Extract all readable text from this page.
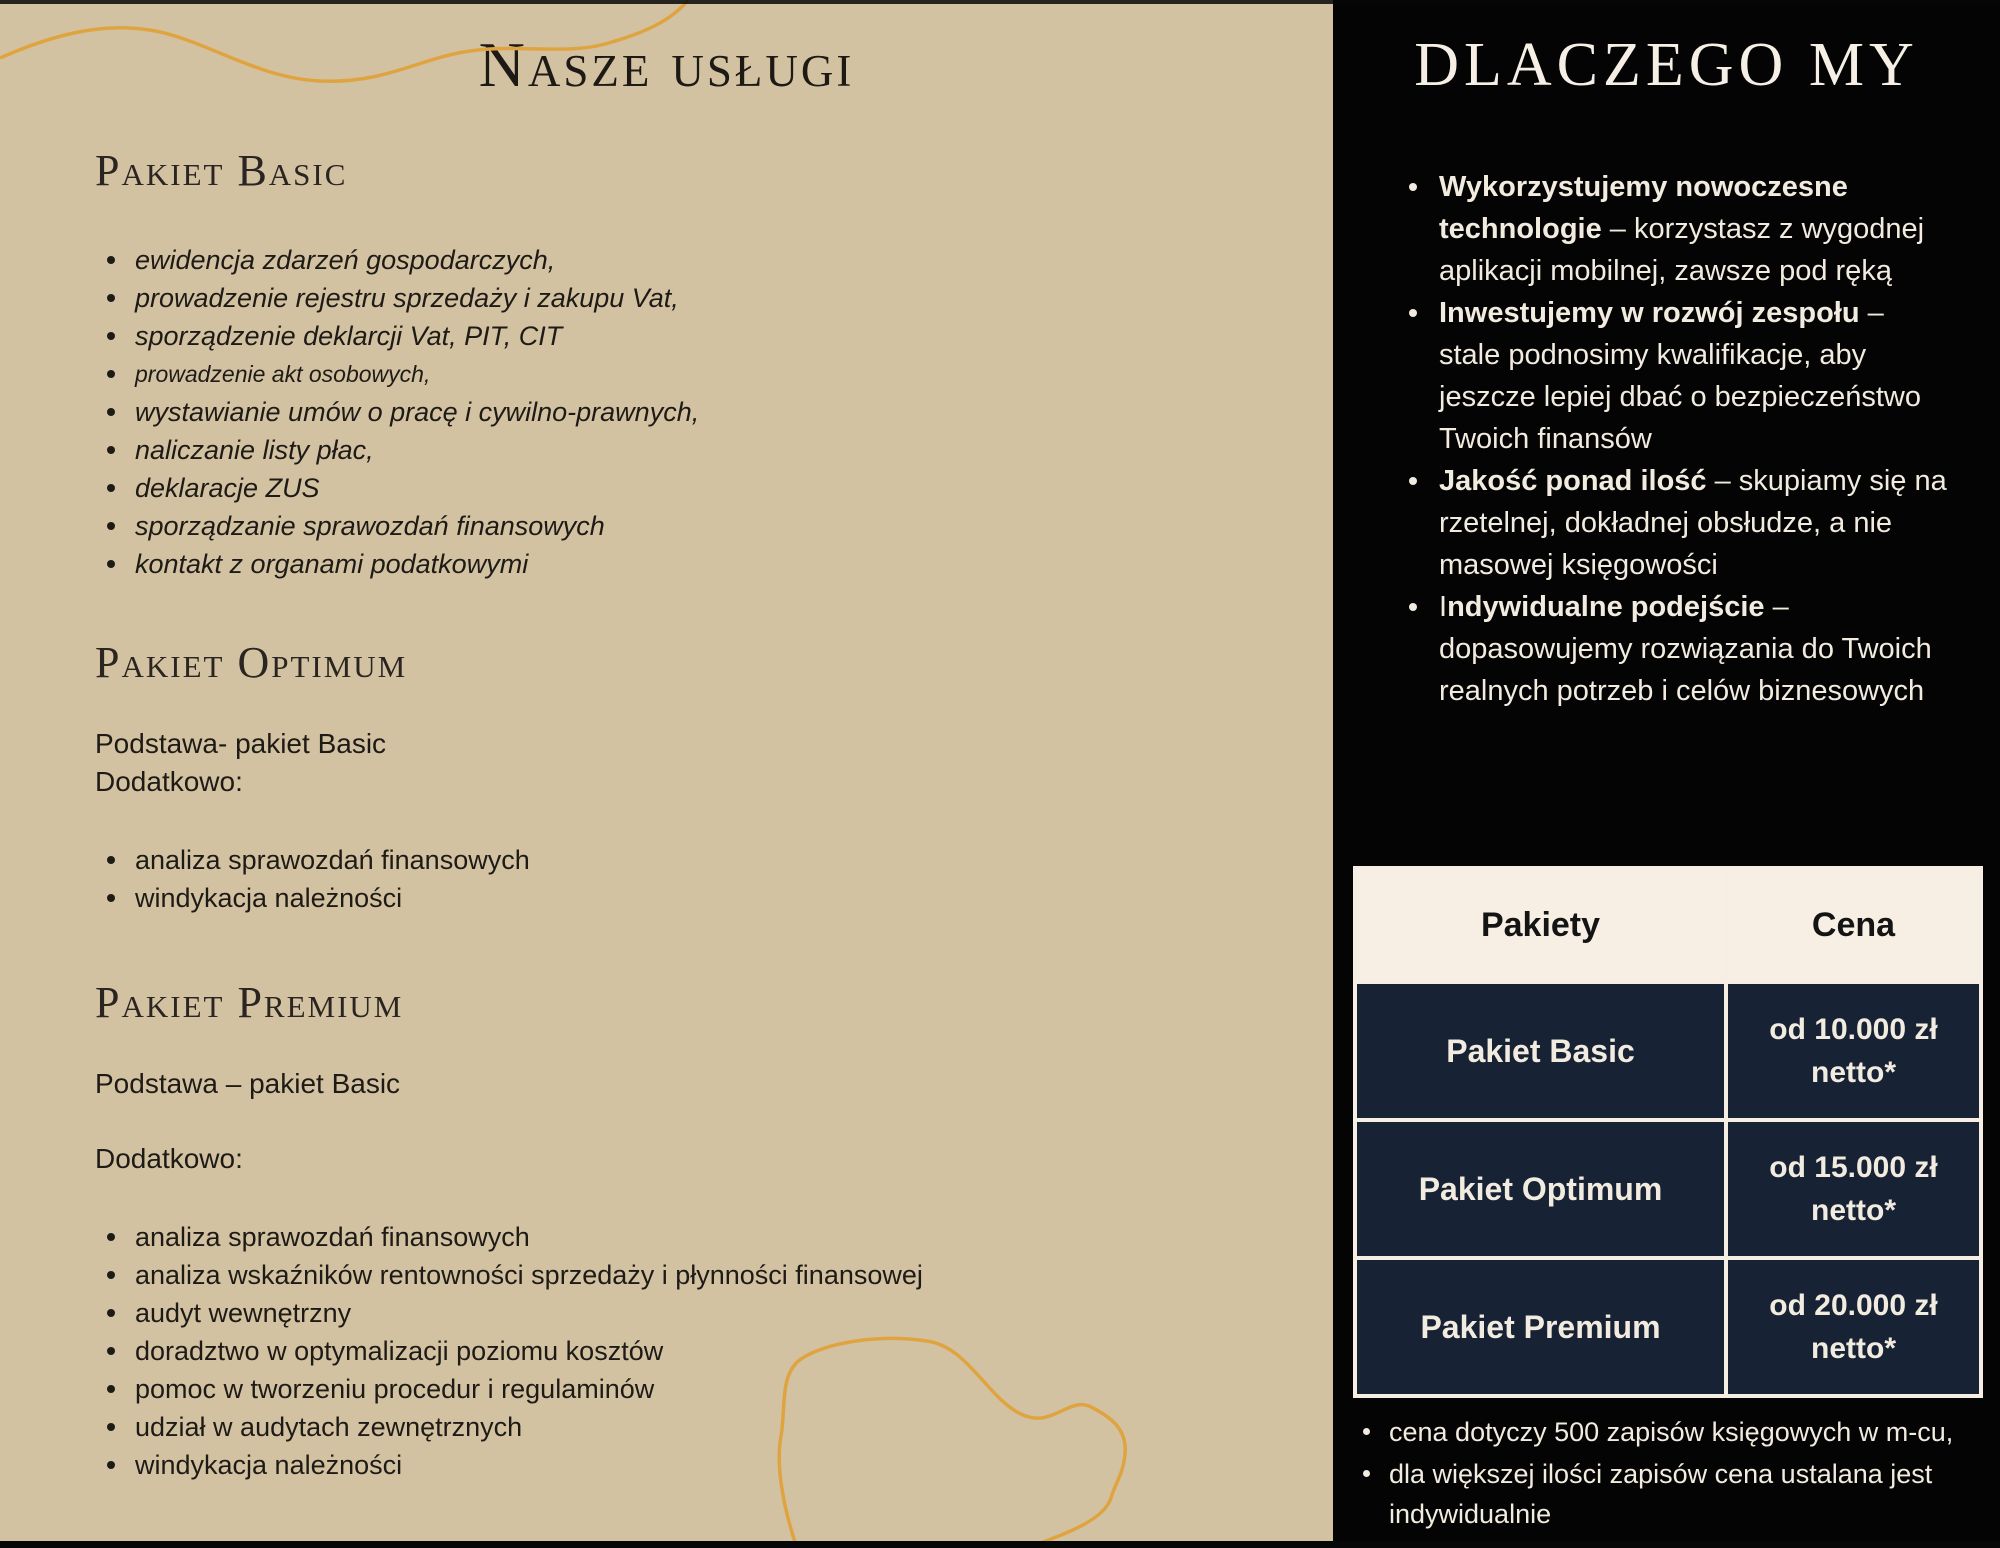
Nasze usługi
Pakiet Basic
ewidencja zdarzeń gospodarczych,
prowadzenie rejestru sprzedaży i zakupu Vat,
sporządzenie deklarcji Vat, PIT, CIT
prowadzenie akt osobowych,
wystawianie umów o pracę i cywilno-prawnych,
naliczanie listy płac,
deklaracje ZUS
sporządzanie sprawozdań finansowych
kontakt z organami podatkowymi
Pakiet Optimum

Podstawa- pakiet Basic

Dodatkowo:

analiza sprawozdań finansowych
windykacja należności
Pakiet Premium

Podstawa – pakiet Basic

Dodatkowo:

analiza sprawozdań finansowych
analiza wskaźników rentowności sprzedaży i płynności finansowej
audyt wewnętrzny
doradztwo w optymalizacji poziomu kosztów
pomoc w tworzeniu procedur i regulaminów
udział w audytach zewnętrznych
windykacja należności
DLACZEGO MY
Wykorzystujemy nowoczesne technologie – korzystasz z wygodnej aplikacji mobilnej, zawsze pod ręką
Inwestujemy w rozwój zespołu – stale podnosimy kwalifikacje, aby jeszcze lepiej dbać o bezpieczeństwo Twoich finansów
Jakość ponad ilość – skupiamy się na rzetelnej, dokładnej obsłudze, a nie masowej księgowości
Indywidualne podejście – dopasowujemy rozwiązania do Twoich realnych potrzeb i celów biznesowych
Pakiety	Cena
Pakiet Basic
od 10.000 zł netto*
Pakiet Optimum
od 15.000 zł netto*
Pakiet Premium
od 20.000 zł netto*
cena dotyczy 500 zapisów księgowych w m-cu,
dla większej ilości zapisów cena ustalana jest indywidualnie
